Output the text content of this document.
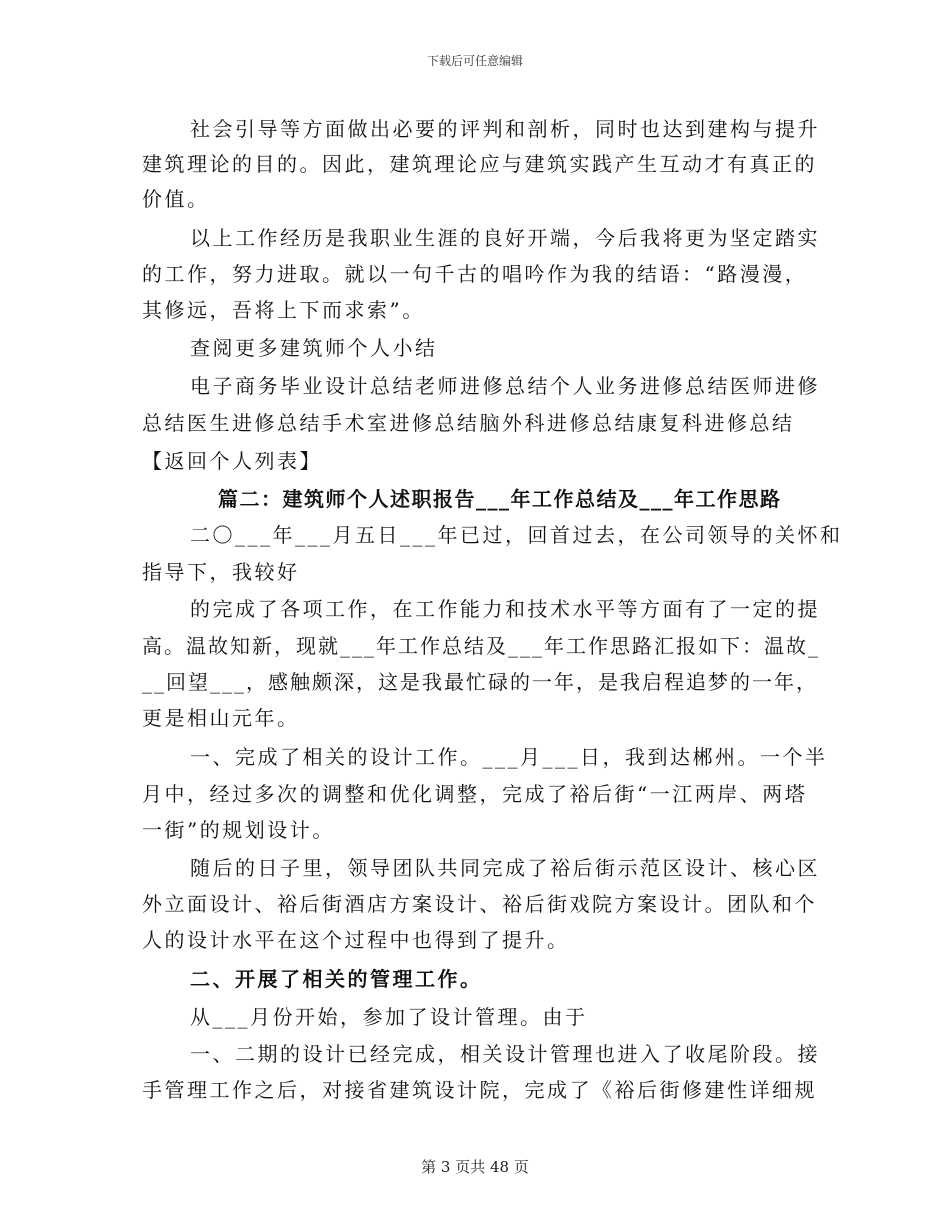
下载后可任意编辑
社会引导等方面做出必要的评判和剖析，同时也达到建构与提升
建筑理论的目的。因此，建筑理论应与建筑实践产生互动才有真正的
价值。
以上工作经历是我职业生涯的良好开端，今后我将更为坚定踏实
的工作，努力进取。就以一句千古的唱吟作为我的结语：“路漫漫，
其修远，吾将上下而求索”。
查阅更多建筑师个人小结
电子商务毕业设计总结老师进修总结个人业务进修总结医师进修
总结医生进修总结手术室进修总结脑外科进修总结康复科进修总结
【返回个人列表】
篇二：建筑师个人述职报告___年工作总结及___年工作思路
二〇___年___月五日___年已过，回首过去，在公司领导的关怀和
指导下，我较好
的完成了各项工作，在工作能力和技术水平等方面有了一定的提
高。温故知新，现就___年工作总结及___年工作思路汇报如下：温故_
__回望___，感触颇深，这是我最忙碌的一年，是我启程追梦的一年，
更是相山元年。
一、完成了相关的设计工作。___月___日，我到达郴州。一个半
月中，经过多次的调整和优化调整，完成了裕后街“一江两岸、两塔
一街”的规划设计。
随后的日子里，领导团队共同完成了裕后街示范区设计、核心区
外立面设计、裕后街酒店方案设计、裕后街戏院方案设计。团队和个
人的设计水平在这个过程中也得到了提升。
二、开展了相关的管理工作。
从___月份开始，参加了设计管理。由于
一、二期的设计已经完成，相关设计管理也进入了收尾阶段。接
手管理工作之后，对接省建筑设计院，完成了《裕后街修建性详细规
第 3 页共 48 页
